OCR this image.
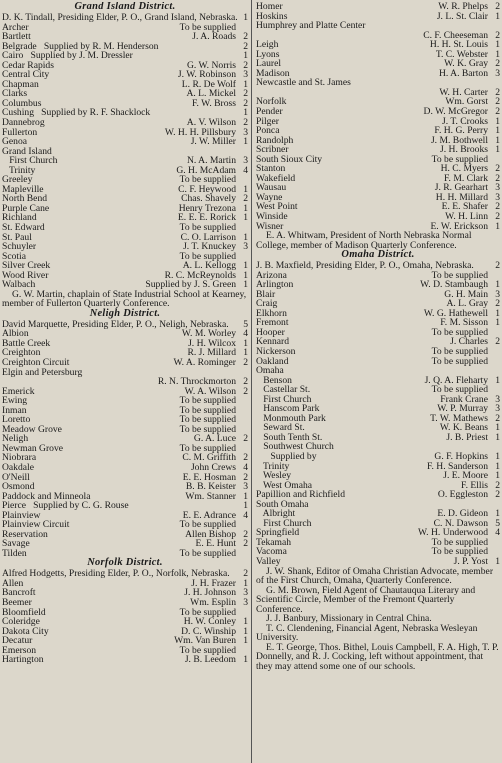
Grand Island District.
D. K. Tindall, Presiding Elder, P. O., Grand Island, Nebraska. 1
Archer	To be supplied
Bartlett	J. A. Roads 2
Belgrade   Supplied by R. M. Henderson	2
Cairo   Supplied by J. M. Dressler	1
Cedar Rapids	G. W. Norris 2
Central City	J. W. Robinson 3
Chapman	L. R. De Wolf 1
Clarks	A. L. Mickel 2
Columbus	F. W. Bross 2
Cushing   Supplied by R. F. Shacklock	1
Dannebrog	A. V. Wilson 2
Fullerton	W. H. H. Pillsbury 3
Genoa	J. W. Miller 1
Grand Island
First Church	N. A. Martin 3
Trinity	G. H. McAdam 4
Greeley	To be supplied
Mapleville	C. F. Heywood 1
North Bend	Chas. Shavely 2
Purple Cane	Henry Trezona 1
Richland	E. E. E. Rorick 1
St. Edward	To be supplied
St. Paul	C. O. Larrison 1
Schuyler	J. T. Knuckey 3
Scotia	To be supplied
Silver Creek	A. L. Kellogg 1
Wood River	R. C. McReynolds 1
Walbach	Supplied by J. S. Green 1
G. W. Martin, chaplain of State Industrial School at Kearney, member of Fullerton Quarterly Conference.
Neligh District.
David Marquette, Presiding Elder, P. O., Neligh, Nebraska. 5
Albion	W. M. Worley 4
Battle Creek	J. H. Wilcox 1
Creighton	R. J. Millard 1
Creighton Circuit	W. A. Rominger 2
Elgin and Petersburg
R. N. Throckmorton 2
Emerick	W. A. Wilson 2
Ewing	To be supplied
Inman	To be supplied
Loretto	To be supplied
Meadow Grove	To be supplied
Neligh	G. A. Luce 2
Newman Grove	To be supplied
Niobrara	C. M. Griffith 2
Oakdale	John Crews 4
O'Neill	E. E. Hosman 2
Osmond	B. B. Keister 3
Paddock and Minneola	Wm. Stanner 1
Pierce   Supplied by C. G. Rouse	1
Plainview	E. E. Adrance 4
Plainview Circuit	To be supplied
Reservation	Allen Bishop 2
Savage	E. E. Hunt 2
Tilden	To be supplied
Norfolk District.
Alfred Hodgetts, Presiding Elder, P. O., Norfolk, Nebraska. 2
Allen	J. H. Frazer 1
Bancroft	J. H. Johnson 3
Beemer	Wm. Esplin 3
Bloomfield	To be supplied
Coleridge	H. W. Conley 1
Dakota City	D. C. Winship 1
Decatur	Wm. Van Buren 1
Emerson	To be supplied
Hartington	J. B. Leedom 1
Homer	W. R. Phelps 2
Hoskins	J. L. St. Clair 1
Humphrey and Platte Center
C. F. Cheeseman 2
Leigh	H. H. St. Louis 1
Lyons	T. C. Webster 1
Laurel	W. K. Gray 2
Madison	H. A. Barton 3
Newcastle and St. James
W. H. Carter 2
Norfolk	Wm. Gorst 2
Pender	D. W. McGregor 2
Pilger	J. T. Crooks 1
Ponca	F. H. G. Perry 1
Randolph	J. M. Bothwell 1
Scribner	J. H. Brooks 1
South Sioux City	To be supplied
Stanton	H. C. Myers 2
Wakefield	F. M. Clark 2
Wausau	J. R. Gearhart 3
Wayne	H. H. Millard 3
West Point	E. E. Shafer 2
Winside	W. H. Linn 2
Wisner	E. W. Erickson 1
E. A. Whitwam, President of North Nebraska Normal College, member of Madison Quarterly Conference.
Omaha District.
J. B. Maxfield, Presiding Elder, P. O., Omaha, Nebraska. 2
Arizona	To be supplied
Arlington	W. D. Stambaugh 1
Blair	G. H. Main 3
Craig	A. L. Gray 2
Elkhorn	W. G. Hathewell 1
Fremont	F. M. Sisson 1
Hooper	To be supplied
Kennard	J. Charles 2
Nickerson	To be supplied
Oakland	To be supplied
Omaha
Benson	J. Q. A. Fleharty 1
Castellar St.	To be supplied
First Church	Frank Crane 3
Hanscom Park	W. P. Murray 3
Monmouth Park	T. W. Mathews 2
Seward St.	W. K. Beans 1
South Tenth St.	J. B. Priest 1
Southwest Church
Supplied by	G. F. Hopkins 1
Trinity	F. H. Sanderson 1
Wesley	J. E. Moore 1
West Omaha	F. Ellis 2
Papillion and Richfield	O. Eggleston 2
South Omaha
Albright	E. D. Gideon 1
First Church	C. N. Dawson 5
Springfield	W. H. Underwood 4
Tekamah	To be supplied
Vacoma	To be supplied
Valley	J. P. Yost 1
J. W. Shank, Editor of Omaha Christian Advocate, member of the First Church, Omaha, Quarterly Conference.
G. M. Brown, Field Agent of Chautauqua Literary and Scientific Circle, Member of the Fremont Quarterly Conference.
J. J. Banbury, Missionary in Central China.
T. C. Clendening, Financial Agent, Nebraska Wesleyan University.
E. T. George, Thos. Bithel, Louis Campbell, F. A. High, T. P. Donnelly, and R. J. Cocking, left without appointment, that they may attend some one of our schools.
